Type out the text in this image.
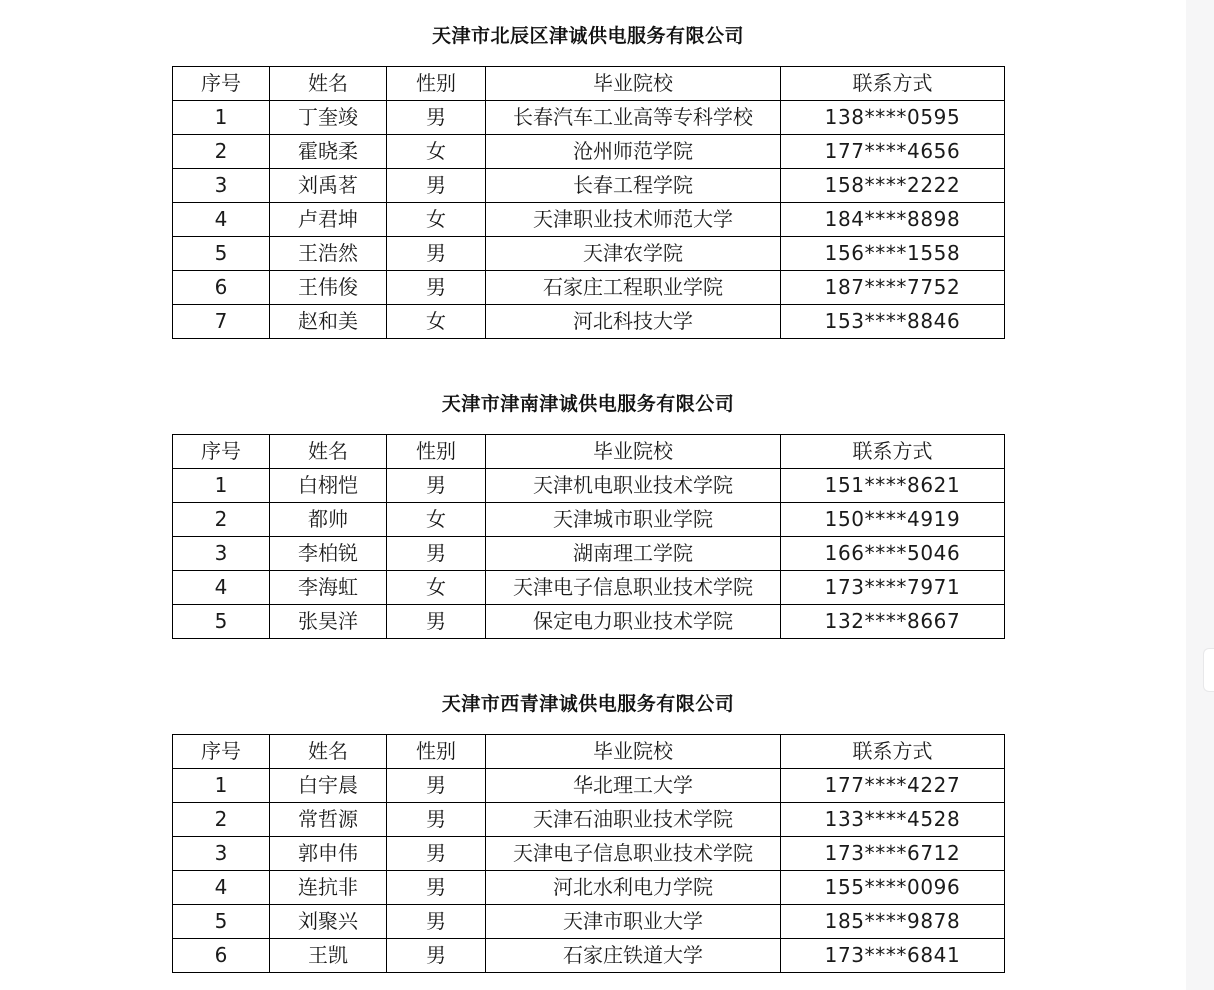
天津市北辰区津诚供电服务有限公司
序号	姓名	性别	毕业院校	联系方式
1	丁奎竣	男	长春汽车工业高等专科学校	138****0595
2	霍晓柔	女	沧州师范学院	177****4656
3	刘禹茗	男	长春工程学院	158****2222
4	卢君坤	女	天津职业技术师范大学	184****8898
5	王浩然	男	天津农学院	156****1558
6	王伟俊	男	石家庄工程职业学院	187****7752
7	赵和美	女	河北科技大学	153****8846
天津市津南津诚供电服务有限公司
序号	姓名	性别	毕业院校	联系方式
1	白栩恺	男	天津机电职业技术学院	151****8621
2	都帅	女	天津城市职业学院	150****4919
3	李柏锐	男	湖南理工学院	166****5046
4	李海虹	女	天津电子信息职业技术学院	173****7971
5	张昊洋	男	保定电力职业技术学院	132****8667
天津市西青津诚供电服务有限公司
序号	姓名	性别	毕业院校	联系方式
1	白宇晨	男	华北理工大学	177****4227
2	常哲源	男	天津石油职业技术学院	133****4528
3	郭申伟	男	天津电子信息职业技术学院	173****6712
4	连抗非	男	河北水利电力学院	155****0096
5	刘聚兴	男	天津市职业大学	185****9878
6	王凯	男	石家庄铁道大学	173****6841
